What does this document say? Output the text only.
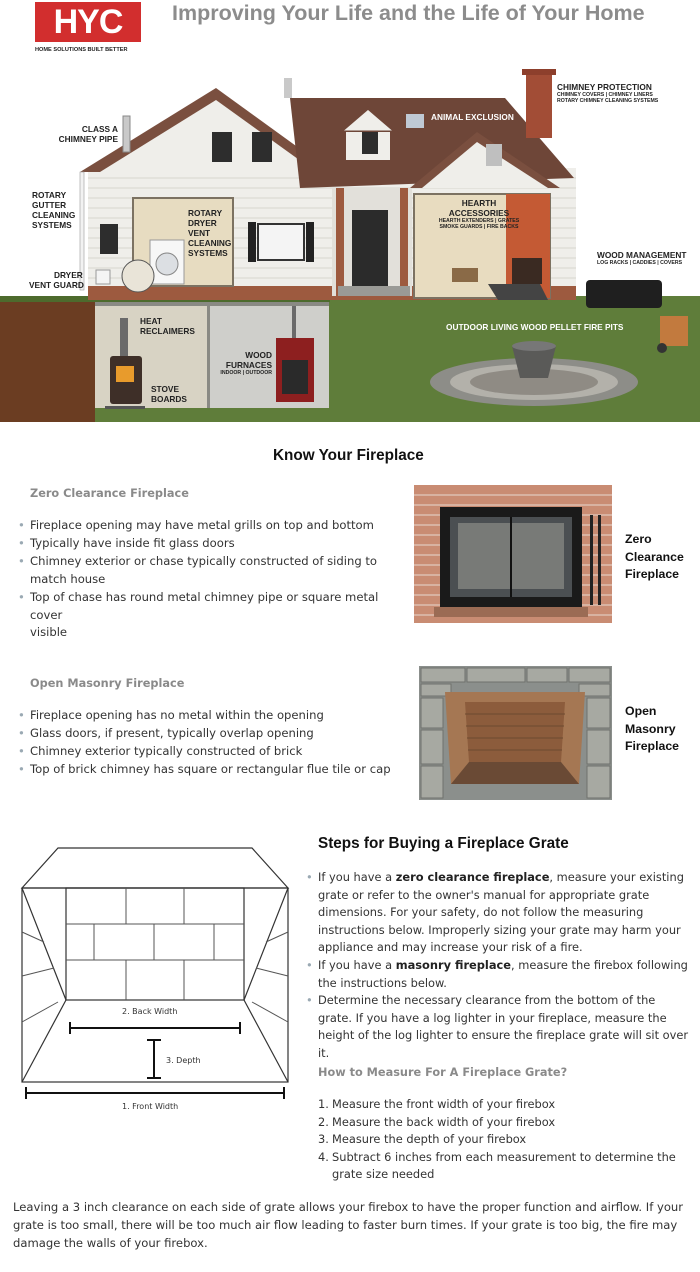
HYC
HOME SOLUTIONS BUILT BETTER
Improving Your Life and the Life of Your Home
CHIMNEY PROTECTION
CHIMNEY COVERS | CHIMNEY LINERS
ROTARY CHIMNEY CLEANING SYSTEMS
ANIMAL EXCLUSION
CLASS A
CHIMNEY PIPE
ROTARY
GUTTER
CLEANING
SYSTEMS
ROTARY
DRYER
VENT
CLEANING
SYSTEMS
HEARTH
ACCESSORIES
HEARTH EXTENDERS | GRATES
SMOKE GUARDS | FIRE BACKS
WOOD MANAGEMENT
LOG RACKS | CADDIES | COVERS
DRYER
VENT GUARD
HEAT
RECLAIMERS
WOOD
FURNACES
INDOOR | OUTDOOR
STOVE
BOARDS
OUTDOOR LIVING WOOD PELLET FIRE PITS
Know Your Fireplace
Zero Clearance Fireplace
• Fireplace opening may have metal grills on top and bottom
• Typically have inside fit glass doors
• Chimney exterior or chase typically constructed of siding to
match house
• Top of chase has round metal chimney pipe or square metal cover
visible
Zero
Clearance
Fireplace
Open Masonry Fireplace
• Fireplace opening has no metal within the opening
• Glass doors, if present, typically overlap opening
• Chimney exterior typically constructed of brick
• Top of brick chimney has square or rectangular flue tile or cap
Open
Masonry
Fireplace
Steps for Buying a Fireplace Grate
2. Back Width
3. Depth
1. Front Width
• If you have a zero clearance fireplace, measure your existing grate or refer to the owner's manual for appropriate grate dimensions. For your safety, do not follow the measuring instructions below. Improperly sizing your grate may harm your appliance and may increase your risk of a fire.
• If you have a masonry fireplace, measure the firebox following the instructions below.
• Determine the necessary clearance from the bottom of the grate. If you have a log lighter in your fireplace, measure the height of the log lighter to ensure the fireplace grate will sit over it.
How to Measure For A Fireplace Grate?
1. Measure the front width of your firebox
2. Measure the back width of your firebox
3. Measure the depth of your firebox
4. Subtract 6 inches from each measurement to determine the grate size needed
Leaving a 3 inch clearance on each side of grate allows your firebox to have the proper function and airflow. If your grate is too small, there will be too much air flow leading to faster burn times. If your grate is too big, the fire may damage the walls of your firebox.
